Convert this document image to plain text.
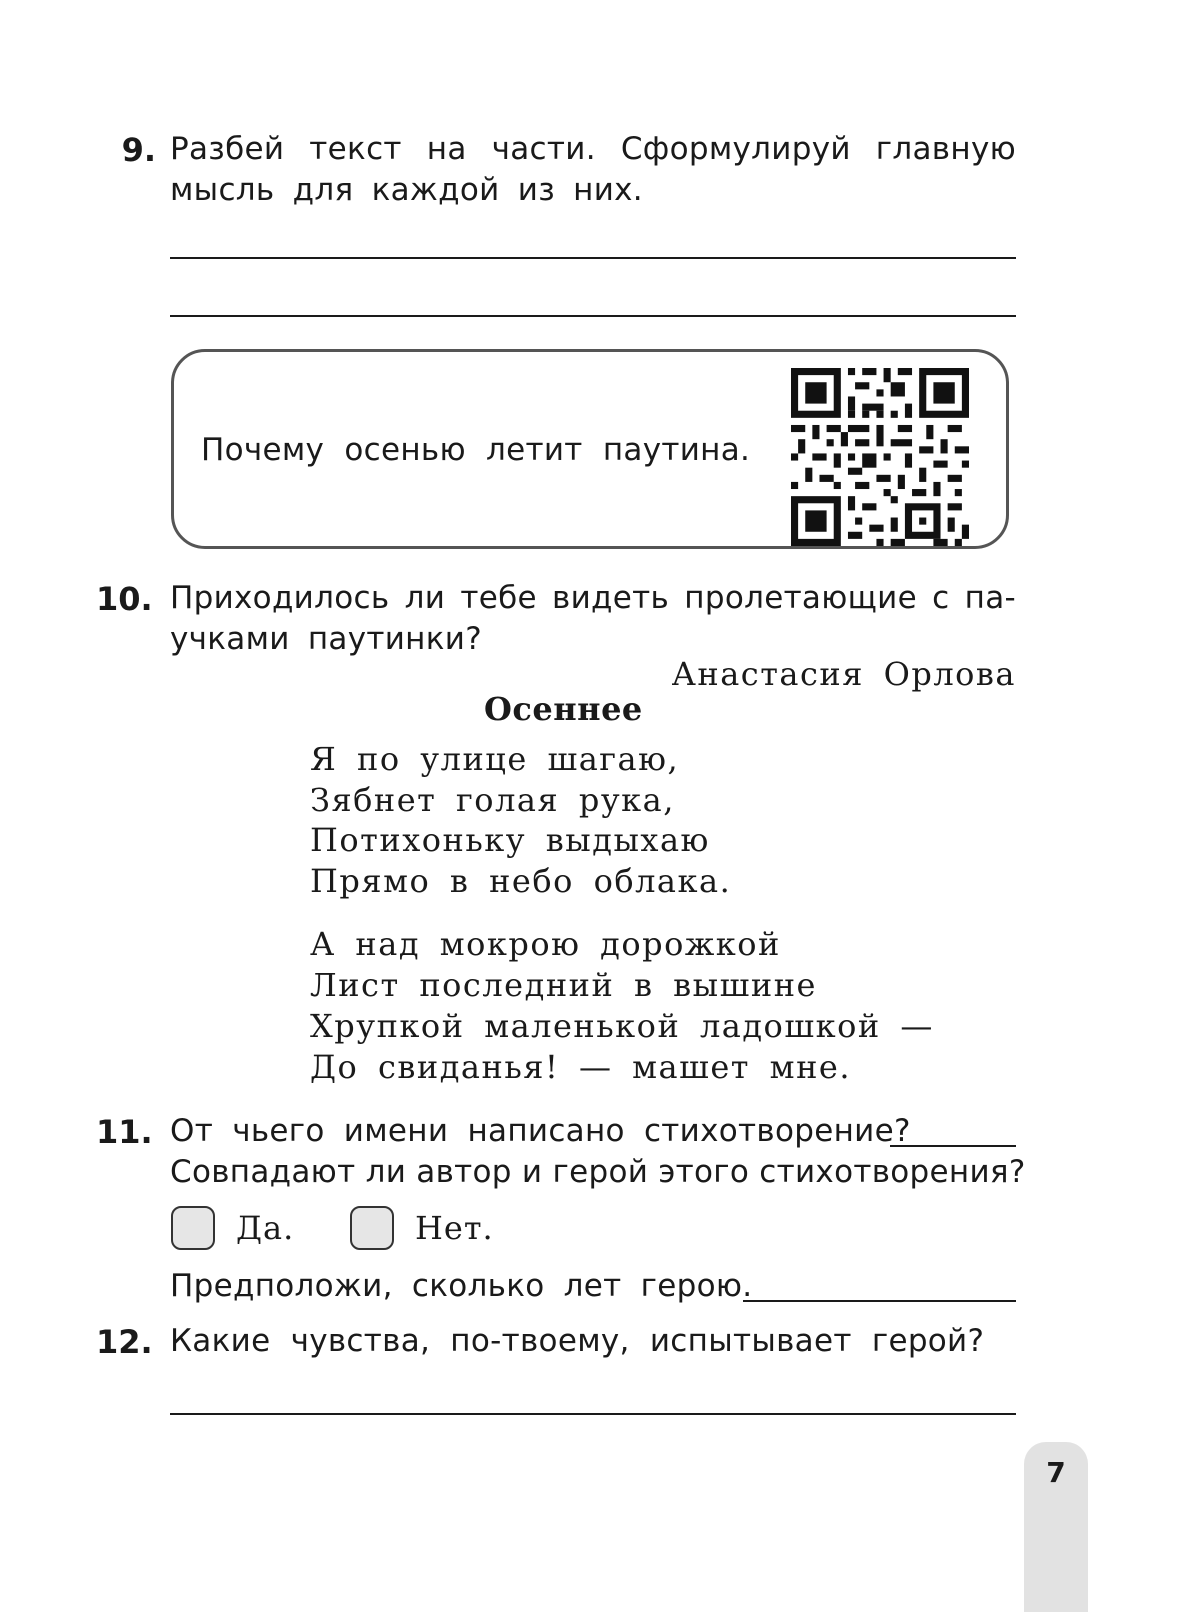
9. Разбей текст на части. Сформулируй главную
мысль для каждой из них.
Почему осенью летит паутина.
10. Приходилось ли тебе видеть пролетающие с па-
учками паутинки?
Анастасия Орлова
Осеннее
Я по улице шагаю,
Зябнет голая рука,
Потихоньку выдыхаю
Прямо в небо облака.
А над мокрою дорожкой
Лист последний в вышине
Хрупкой маленькой ладошкой —
До свиданья! — машет мне.
11. От чьего имени написано стихотворение?
Совпадают ли автор и герой этого стихотворения?
Да.	Нет.
Предположи, сколько лет герою.
12. Какие чувства, по-твоему, испытывает герой?
7
